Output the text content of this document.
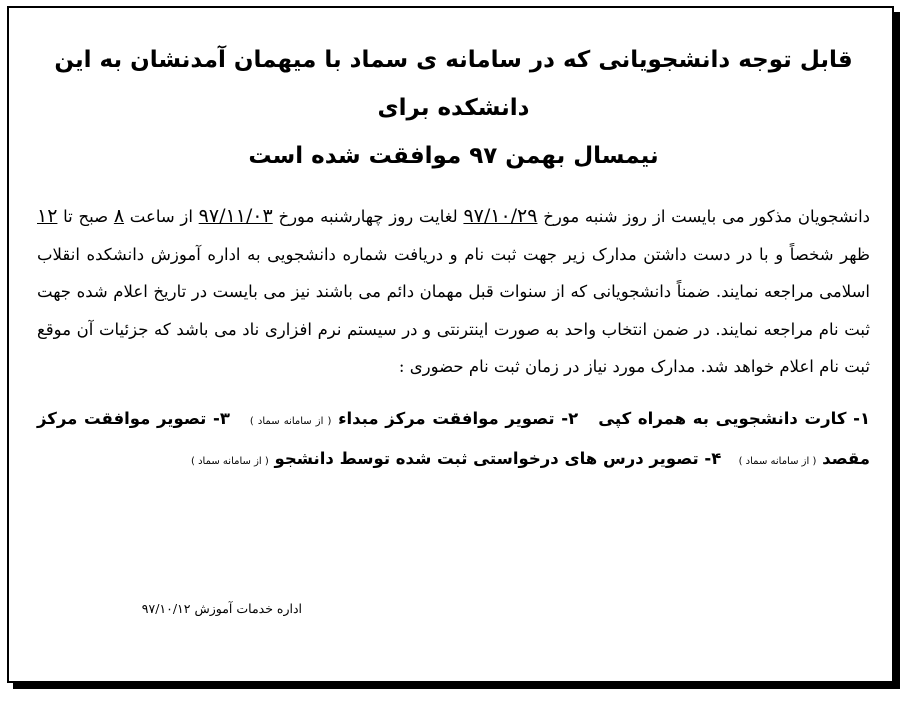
قابل توجه دانشجویانی که در سامانه ی سماد با میهمان آمدنشان به این دانشکده برای
نیمسال بهمن ۹۷ موافقت شده است
دانشجویان مذکور می بایست از روز شنبه مورخ ۹۷/۱۰/۲۹ لغایت روز چهارشنبه مورخ ۹۷/۱۱/۰۳ از ساعت ۸ صبح تا ۱۲ ظهر شخصاً و با در دست داشتن مدارک زیر جهت ثبت نام و دریافت شماره دانشجویی به اداره آموزش دانشکده انقلاب اسلامی مراجعه نمایند. ضمناً دانشجویانی که از سنوات قبل مهمان دائم می باشند نیز می بایست در تاریخ اعلام شده جهت ثبت نام مراجعه نمایند. در ضمن انتخاب واحد به صورت اینترنتی و در سیستم نرم افزاری ناد می باشد که جزئیات آن موقع ثبت نام اعلام خواهد شد. مدارک مورد نیاز در زمان ثبت نام حضوری :
۱- کارت دانشجویی به همراه کپی   ۲- تصویر موافقت مرکز مبداء ( از سامانه سماد )   ۳- تصویر موافقت مرکز مقصد ( از سامانه سماد )   ۴- تصویر درس های درخواستی ثبت شده توسط دانشجو ( از سامانه سماد )
اداره خدمات آموزش ۹۷/۱۰/۱۲
